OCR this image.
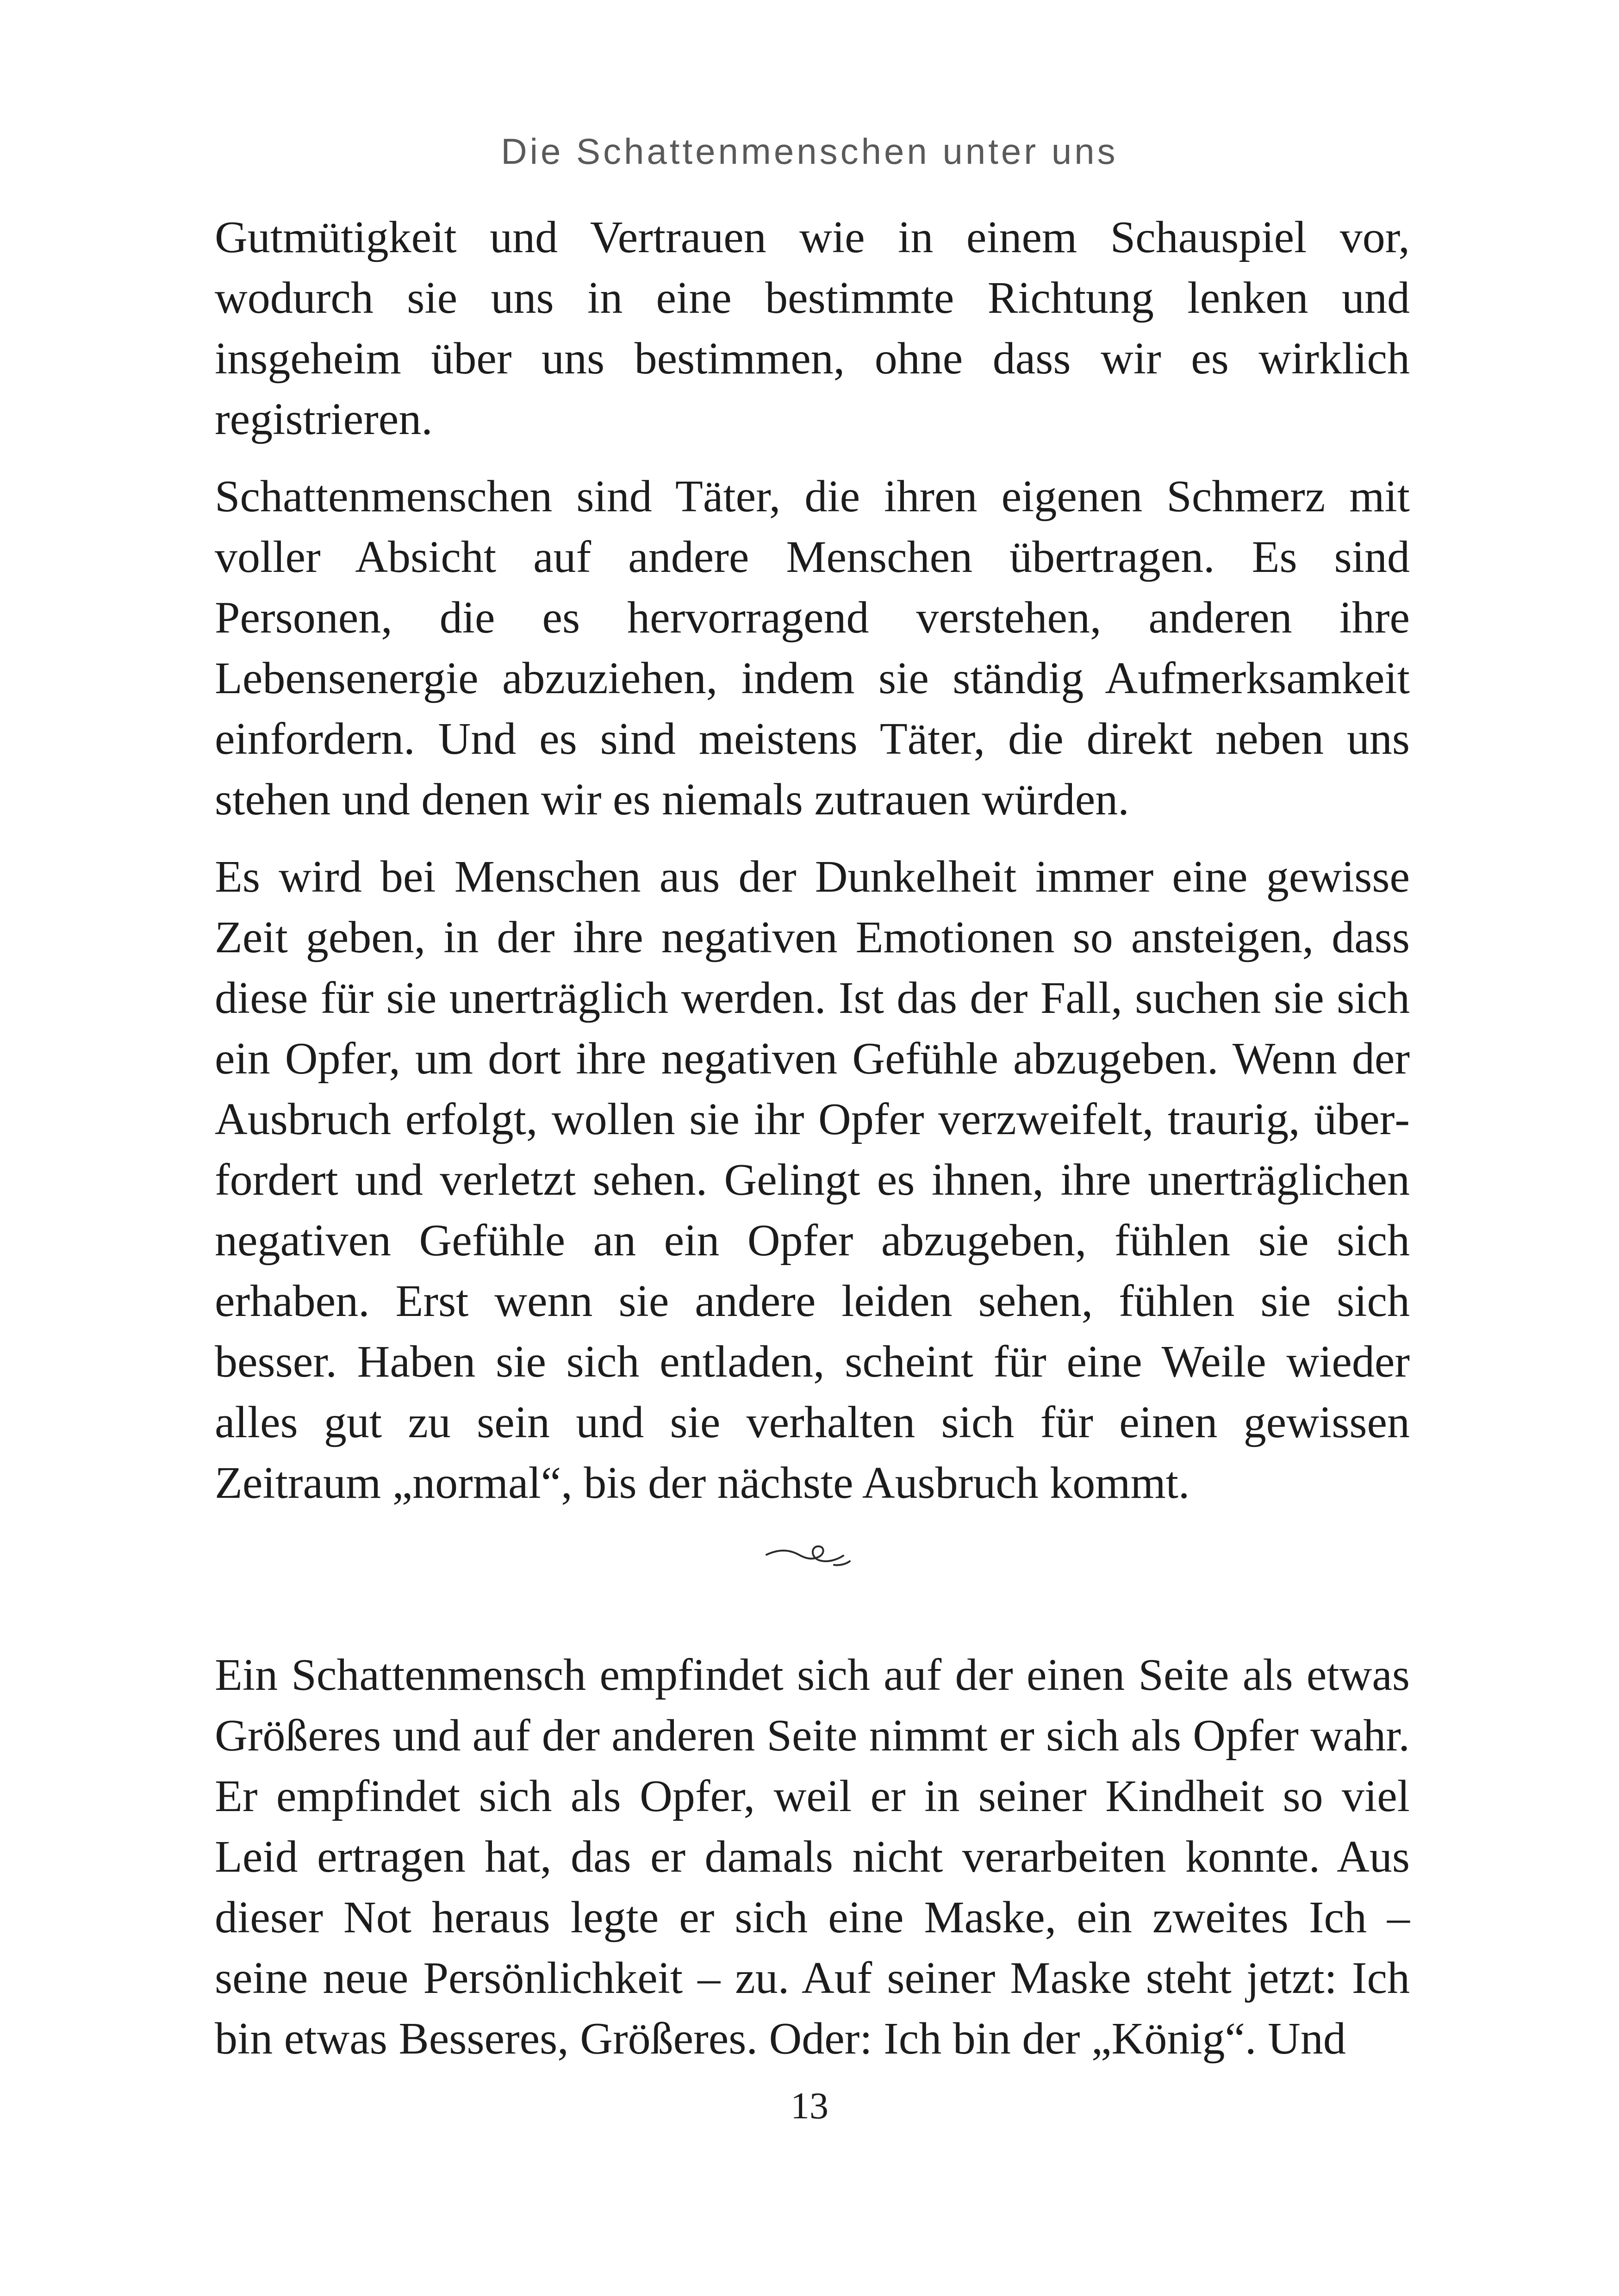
Die Schattenmenschen unter uns

Gutmütigkeit und Vertrauen wie in einem Schauspiel vor, wodurch sie uns in eine bestimmte Richtung lenken und insgeheim über uns bestimmen, ohne dass wir es wirklich registrieren.

Schattenmenschen sind Täter, die ihren eigenen Schmerz mit voller Absicht auf andere Menschen übertragen. Es sind Personen, die es hervorragend verstehen, anderen ihre Lebensenergie abzuziehen, indem sie ständig Aufmerksamkeit einfordern. Und es sind meistens Täter, die direkt neben uns stehen und denen wir es niemals zutrauen würden.

Es wird bei Menschen aus der Dunkelheit immer eine gewisse Zeit geben, in der ihre negativen Emotionen so ansteigen, dass diese für sie unerträglich werden. Ist das der Fall, suchen sie sich ein Opfer, um dort ihre negativen Gefühle abzugeben. Wenn der Ausbruch erfolgt, wollen sie ihr Opfer verzweifelt, traurig, überfordert und verletzt sehen. Gelingt es ihnen, ihre unerträglichen negativen Gefühle an ein Opfer abzugeben, fühlen sie sich erhaben. Erst wenn sie andere leiden sehen, fühlen sie sich besser. Haben sie sich entladen, scheint für eine Weile wieder alles gut zu sein und sie verhalten sich für einen gewissen Zeitraum „normal“, bis der nächste Ausbruch kommt.

Ein Schattenmensch empfindet sich auf der einen Seite als etwas Größeres und auf der anderen Seite nimmt er sich als Opfer wahr. Er empfindet sich als Opfer, weil er in seiner Kindheit so viel Leid ertragen hat, das er damals nicht verarbeiten konnte. Aus dieser Not heraus legte er sich eine Maske, ein zweites Ich – seine neue Persönlichkeit – zu. Auf seiner Maske steht jetzt: Ich bin etwas Besseres, Größeres. Oder: Ich bin der „König“. Und

13
